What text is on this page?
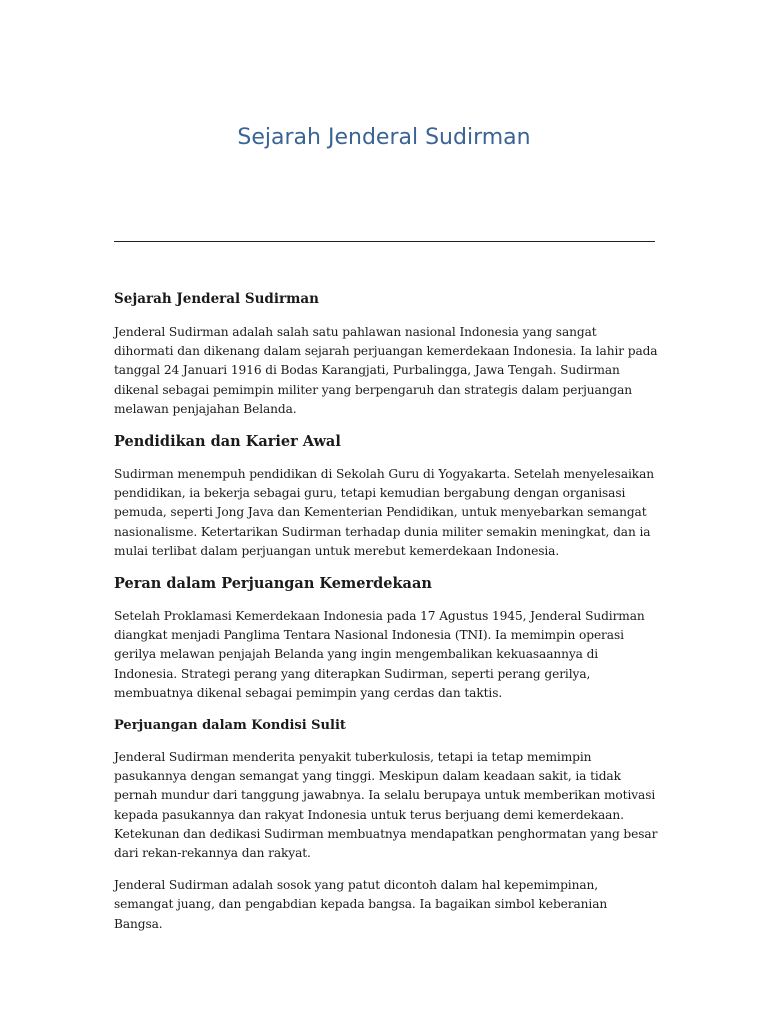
Sejarah Jenderal Sudirman
Sejarah Jenderal Sudirman

Jenderal Sudirman adalah salah satu pahlawan nasional Indonesia yang sangat dihormati dan dikenang dalam sejarah perjuangan kemerdekaan Indonesia. Ia lahir pada tanggal 24 Januari 1916 di Bodas Karangjati, Purbalingga, Jawa Tengah. Sudirman dikenal sebagai pemimpin militer yang berpengaruh dan strategis dalam perjuangan melawan penjajahan Belanda.

Pendidikan dan Karier Awal

Sudirman menempuh pendidikan di Sekolah Guru di Yogyakarta. Setelah menyelesaikan pendidikan, ia bekerja sebagai guru, tetapi kemudian bergabung dengan organisasi pemuda, seperti Jong Java dan Kementerian Pendidikan, untuk menyebarkan semangat nasionalisme. Ketertarikan Sudirman terhadap dunia militer semakin meningkat, dan ia mulai terlibat dalam perjuangan untuk merebut kemerdekaan Indonesia.

Peran dalam Perjuangan Kemerdekaan

Setelah Proklamasi Kemerdekaan Indonesia pada 17 Agustus 1945, Jenderal Sudirman diangkat menjadi Panglima Tentara Nasional Indonesia (TNI). Ia memimpin operasi gerilya melawan penjajah Belanda yang ingin mengembalikan kekuasaannya di Indonesia. Strategi perang yang diterapkan Sudirman, seperti perang gerilya, membuatnya dikenal sebagai pemimpin yang cerdas dan taktis.

Perjuangan dalam Kondisi Sulit

Jenderal Sudirman menderita penyakit tuberkulosis, tetapi ia tetap memimpin pasukannya dengan semangat yang tinggi. Meskipun dalam keadaan sakit, ia tidak pernah mundur dari tanggung jawabnya. Ia selalu berupaya untuk memberikan motivasi kepada pasukannya dan rakyat Indonesia untuk terus berjuang demi kemerdekaan. Ketekunan dan dedikasi Sudirman membuatnya mendapatkan penghormatan yang besar dari rekan-rekannya dan rakyat.

Jenderal Sudirman adalah sosok yang patut dicontoh dalam hal kepemimpinan, semangat juang, dan pengabdian kepada bangsa. Ia bagaikan simbol keberanian Bangsa.
